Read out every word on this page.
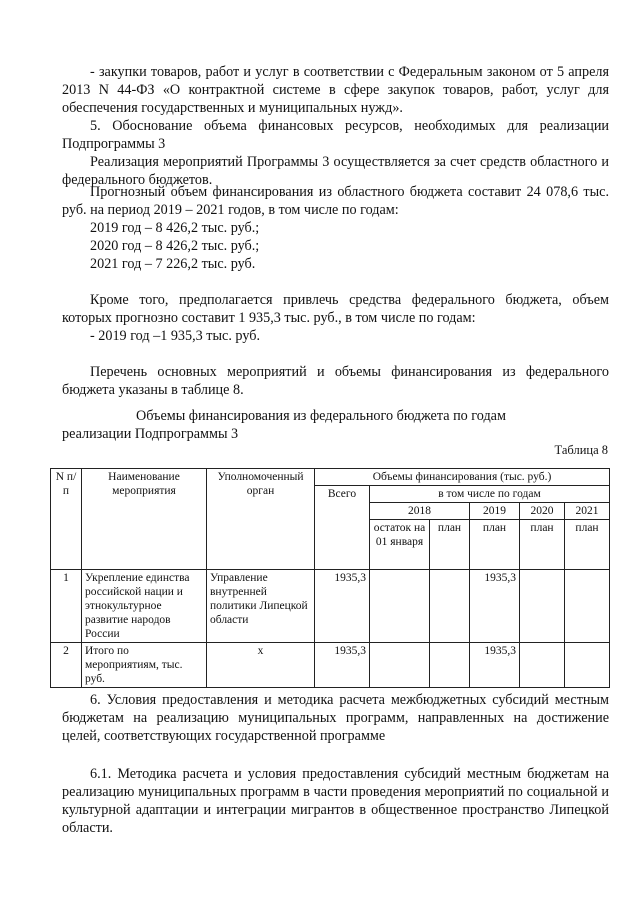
- закупки товаров, работ и услуг в соответствии с Федеральным законом от 5 апреля 2013 N 44-ФЗ «О контрактной системе в сфере закупок товаров, работ, услуг для обеспечения государственных и муниципальных нужд».

5. Обоснование объема финансовых ресурсов, необходимых для реализации Подпрограммы 3

Реализация мероприятий Программы 3 осуществляется за счет средств областного и федерального бюджетов.

Прогнозный объем финансирования из областного бюджета составит 24 078,6 тыс. руб. на период 2019 – 2021 годов, в том числе по годам:

2019 год – 8 426,2 тыс. руб.;
2020 год – 8 426,2 тыс. руб.;
2021 год – 7 226,2 тыс. руб.

Кроме того, предполагается привлечь средства федерального бюджета, объем которых прогнозно составит 1 935,3 тыс. руб., в том числе по годам:

- 2019 год –1 935,3 тыс. руб.

Перечень основных мероприятий и объемы финансирования из федерального бюджета указаны в таблице 8.

Объемы финансирования из федерального бюджета по годам
реализации Подпрограммы 3
Таблица 8
N п/п	Наименование мероприятия	Уполномоченный орган	Объемы финансирования (тыс. руб.)					
			Всего	в том числе по годам				
				2018		2019	2020	2021
				остаток на 01 января	план	план	план	план
1	Укрепление единства российской нации и этнокультурное развитие народов России	Управление внутренней политики Липецкой области	1935,3			1935,3		
2	Итого по мероприятиям, тыс. руб.	х	1935,3			1935,3		

6. Условия предоставления и методика расчета межбюджетных субсидий местным бюджетам на реализацию муниципальных программ, направленных на достижение целей, соответствующих государственной программе

6.1. Методика расчета и условия предоставления субсидий местным бюджетам на реализацию муниципальных программ в части проведения мероприятий по социальной и культурной адаптации и интеграции мигрантов в общественное пространство Липецкой области.
